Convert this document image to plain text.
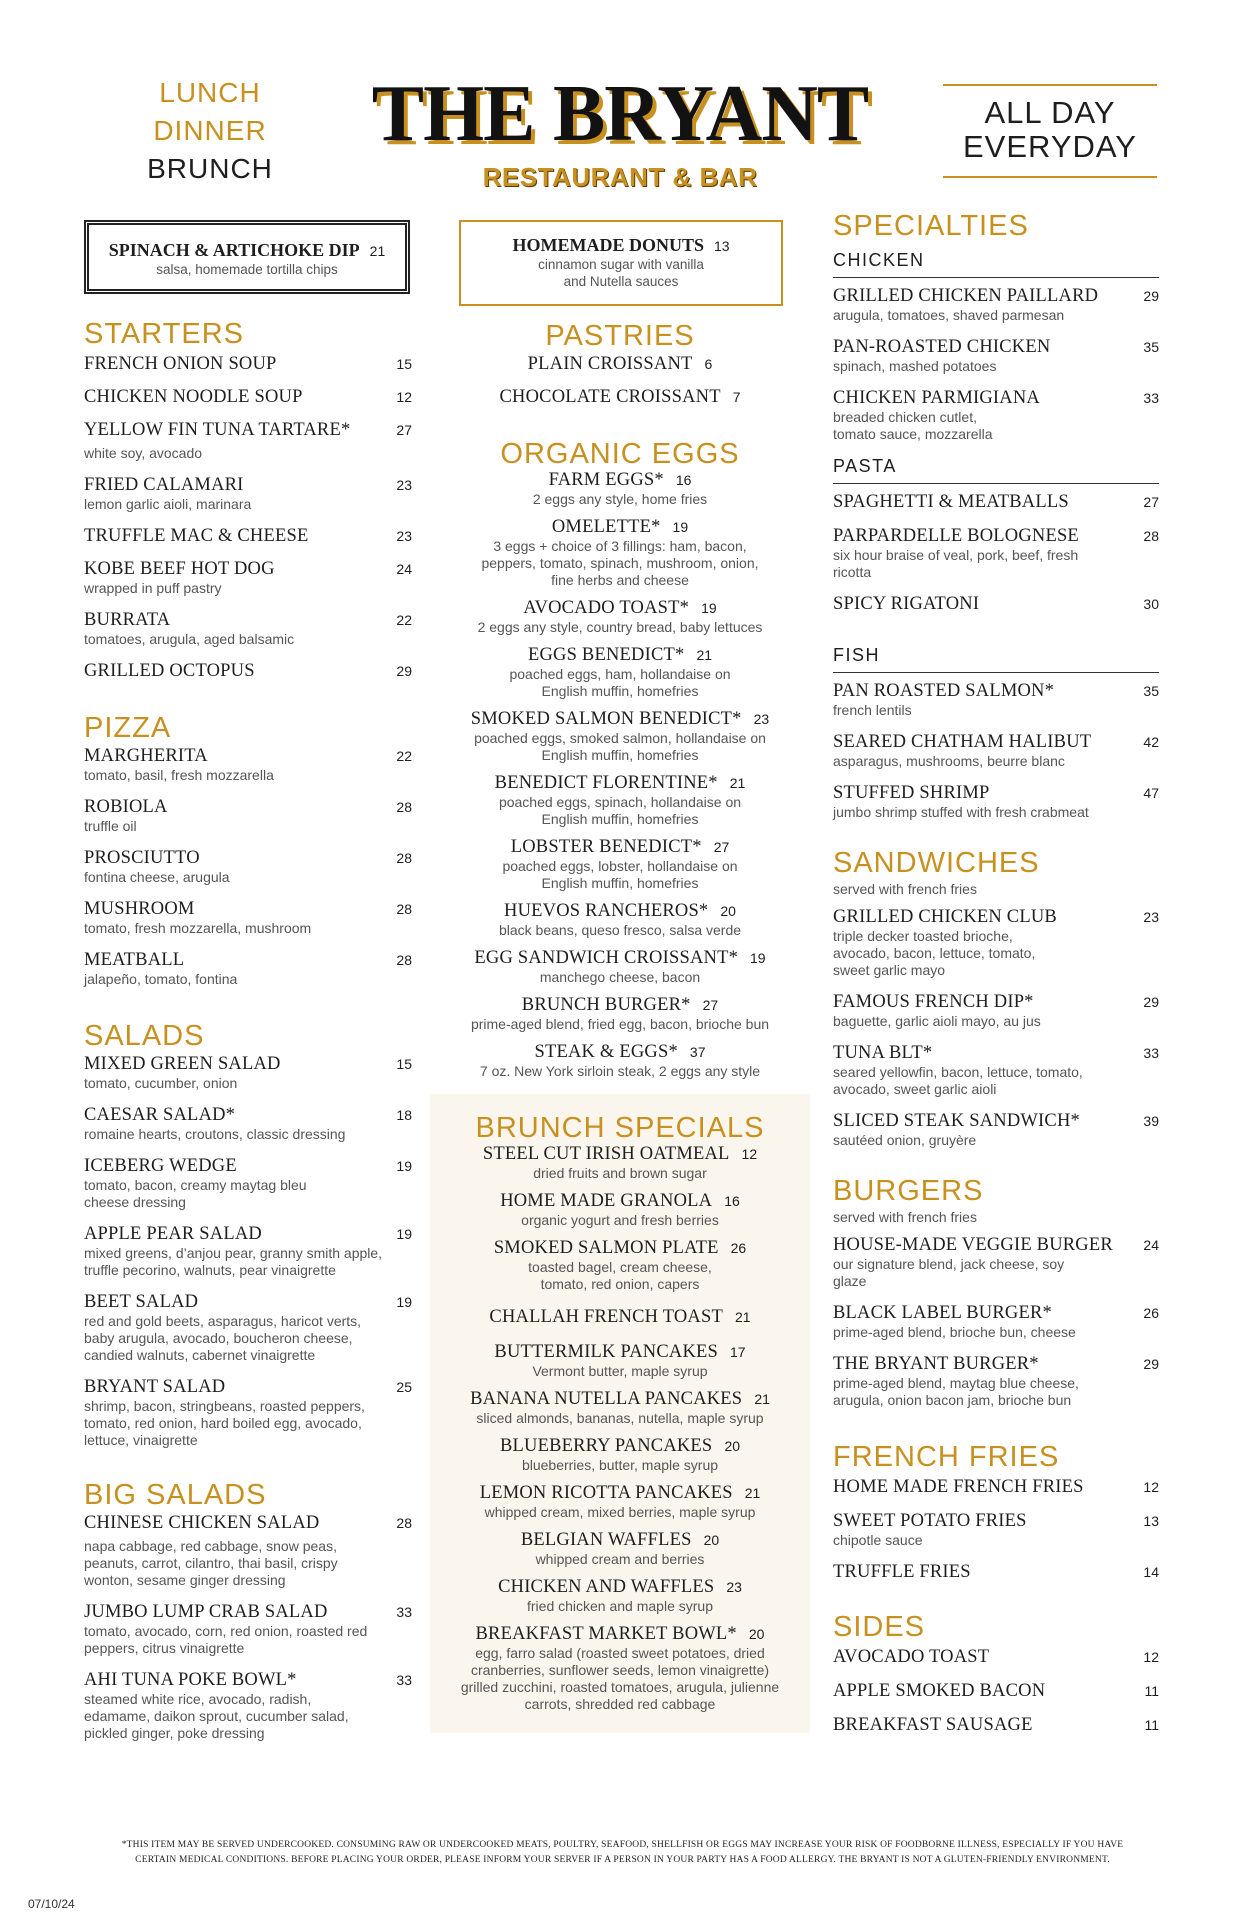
LUNCH
DINNER
BRUNCH
THE BRYANT
RESTAURANT & BAR
ALL DAY
EVERYDAY
SPINACH & ARTICHOKE DIP 21
salsa, homemade tortilla chips
STARTERS
FRENCH ONION SOUP	15
CHICKEN NOODLE SOUP	12
YELLOW FIN TUNA TARTARE*	27
white soy, avocado
FRIED CALAMARI	23
lemon garlic aioli, marinara
TRUFFLE MAC & CHEESE	23
KOBE BEEF HOT DOG	24
wrapped in puff pastry
BURRATA	22
tomatoes, arugula, aged balsamic
GRILLED OCTOPUS	29
PIZZA
MARGHERITA	22
tomato, basil, fresh mozzarella
ROBIOLA	28
truffle oil
PROSCIUTTO	28
fontina cheese, arugula
MUSHROOM	28
tomato, fresh mozzarella, mushroom
MEATBALL	28
jalapeño, tomato, fontina
SALADS
MIXED GREEN SALAD	15
tomato, cucumber, onion
CAESAR SALAD*	18
romaine hearts, croutons, classic dressing
ICEBERG WEDGE	19
tomato, bacon, creamy maytag bleu cheese dressing
APPLE PEAR SALAD	19
mixed greens, d’anjou pear, granny smith apple, truffle pecorino, walnuts, pear vinaigrette
BEET SALAD	19
red and gold beets, asparagus, haricot verts, baby arugula, avocado, boucheron cheese, candied walnuts, cabernet vinaigrette
BRYANT SALAD	25
shrimp, bacon, stringbeans, roasted peppers, tomato, red onion, hard boiled egg, avocado, lettuce, vinaigrette
BIG SALADS
CHINESE CHICKEN SALAD	28
napa cabbage, red cabbage, snow peas, peanuts, carrot, cilantro, thai basil, crispy wonton, sesame ginger dressing
JUMBO LUMP CRAB SALAD	33
tomato, avocado, corn, red onion, roasted red peppers, citrus vinaigrette
AHI TUNA POKE BOWL*	33
steamed white rice, avocado, radish, edamame, daikon sprout, cucumber salad, pickled ginger, poke dressing
HOMEMADE DONUTS 13
cinnamon sugar with vanilla
and Nutella sauces
PASTRIES
PLAIN CROISSANT 6
CHOCOLATE CROISSANT 7
ORGANIC EGGS
FARM EGGS* 16
2 eggs any style, home fries
OMELETTE* 19
3 eggs + choice of 3 fillings: ham, bacon, peppers, tomato, spinach, mushroom, onion, fine herbs and cheese
AVOCADO TOAST* 19
2 eggs any style, country bread, baby lettuces
EGGS BENEDICT* 21
poached eggs, ham, hollandaise on English muffin, homefries
SMOKED SALMON BENEDICT* 23
poached eggs, smoked salmon, hollandaise on English muffin, homefries
BENEDICT FLORENTINE* 21
poached eggs, spinach, hollandaise on English muffin, homefries
LOBSTER BENEDICT* 27
poached eggs, lobster, hollandaise on English muffin, homefries
HUEVOS RANCHEROS* 20
black beans, queso fresco, salsa verde
EGG SANDWICH CROISSANT* 19
manchego cheese, bacon
BRUNCH BURGER* 27
prime-aged blend, fried egg, bacon, brioche bun
STEAK & EGGS* 37
7 oz. New York sirloin steak, 2 eggs any style
BRUNCH SPECIALS
STEEL CUT IRISH OATMEAL 12
dried fruits and brown sugar
HOME MADE GRANOLA 16
organic yogurt and fresh berries
SMOKED SALMON PLATE 26
toasted bagel, cream cheese, tomato, red onion, capers
CHALLAH FRENCH TOAST 21
BUTTERMILK PANCAKES 17
Vermont butter, maple syrup
BANANA NUTELLA PANCAKES 21
sliced almonds, bananas, nutella, maple syrup
BLUEBERRY PANCAKES 20
blueberries, butter, maple syrup
LEMON RICOTTA PANCAKES 21
whipped cream, mixed berries, maple syrup
BELGIAN WAFFLES 20
whipped cream and berries
CHICKEN AND WAFFLES 23
fried chicken and maple syrup
BREAKFAST MARKET BOWL* 20
egg, farro salad (roasted sweet potatoes, dried cranberries, sunflower seeds, lemon vinaigrette) grilled zucchini, roasted tomatoes, arugula, julienne carrots, shredded red cabbage
SPECIALTIES
CHICKEN
GRILLED CHICKEN PAILLARD	29
arugula, tomatoes, shaved parmesan
PAN-ROASTED CHICKEN	35
spinach, mashed potatoes
CHICKEN PARMIGIANA	33
breaded chicken cutlet, tomato sauce, mozzarella
PASTA
SPAGHETTI & MEATBALLS	27
PARPARDELLE BOLOGNESE	28
six hour braise of veal, pork, beef, fresh ricotta
SPICY RIGATONI	30
FISH
PAN ROASTED SALMON*	35
french lentils
SEARED CHATHAM HALIBUT	42
asparagus, mushrooms, beurre blanc
STUFFED SHRIMP	47
jumbo shrimp stuffed with fresh crabmeat
SANDWICHES
served with french fries
GRILLED CHICKEN CLUB	23
triple decker toasted brioche, avocado, bacon, lettuce, tomato, sweet garlic mayo
FAMOUS FRENCH DIP*	29
baguette, garlic aioli mayo, au jus
TUNA BLT*	33
seared yellowfin, bacon, lettuce, tomato, avocado, sweet garlic aioli
SLICED STEAK SANDWICH*	39
sautéed onion, gruyère
BURGERS
served with french fries
HOUSE-MADE VEGGIE BURGER 24
our signature blend, jack cheese, soy glaze
BLACK LABEL BURGER*	26
prime-aged blend, brioche bun, cheese
THE BRYANT BURGER*	29
prime-aged blend, maytag blue cheese, arugula, onion bacon jam, brioche bun
FRENCH FRIES
HOME MADE FRENCH FRIES	12
SWEET POTATO FRIES	13
chipotle sauce
TRUFFLE FRIES	14
SIDES
AVOCADO TOAST	12
APPLE SMOKED BACON	11
BREAKFAST SAUSAGE	11
*THIS ITEM MAY BE SERVED UNDERCOOKED. CONSUMING RAW OR UNDERCOOKED MEATS, POULTRY, SEAFOOD, SHELLFISH OR EGGS MAY INCREASE YOUR RISK OF FOODBORNE ILLNESS, ESPECIALLY IF YOU HAVE
CERTAIN MEDICAL CONDITIONS. BEFORE PLACING YOUR ORDER, PLEASE INFORM YOUR SERVER IF A PERSON IN YOUR PARTY HAS A FOOD ALLERGY. THE BRYANT IS NOT A GLUTEN-FRIENDLY ENVIRONMENT.
07/10/24
